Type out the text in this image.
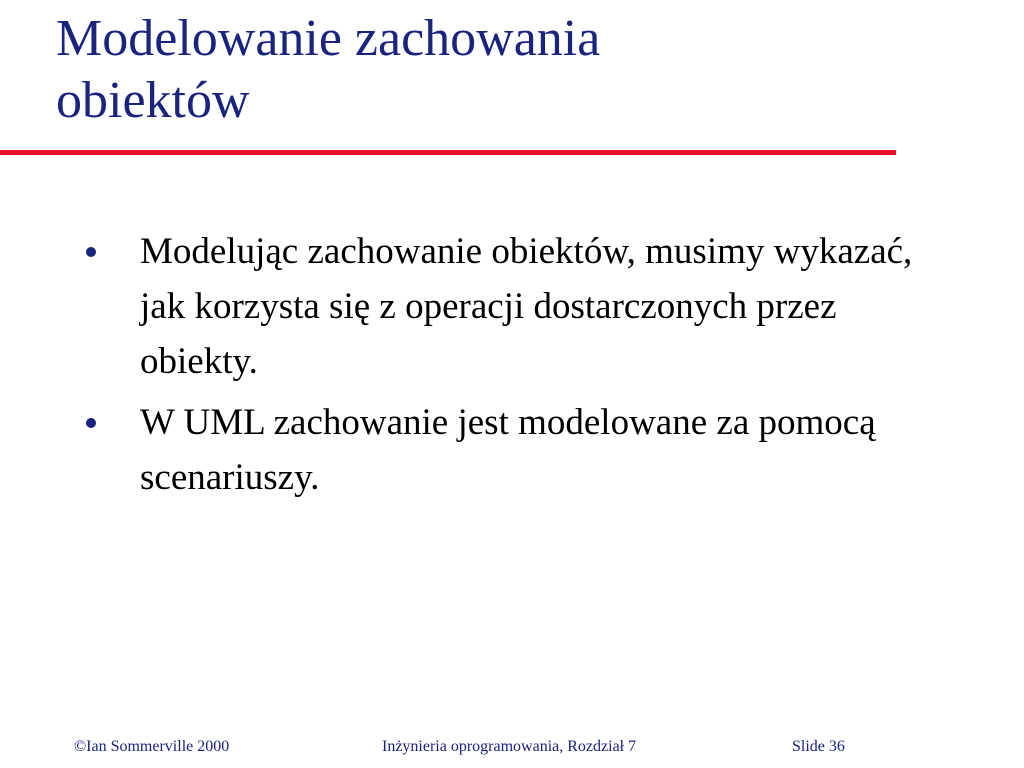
Modelowanie zachowania
obiektów
Modelując zachowanie obiektów, musimy wykazać, jak korzysta się z operacji dostarczonych przez obiekty.
W UML zachowanie jest modelowane za pomocą scenariuszy.
©Ian Sommerville 2000	Inżynieria oprogramowania, Rozdział 7	Slide 36
